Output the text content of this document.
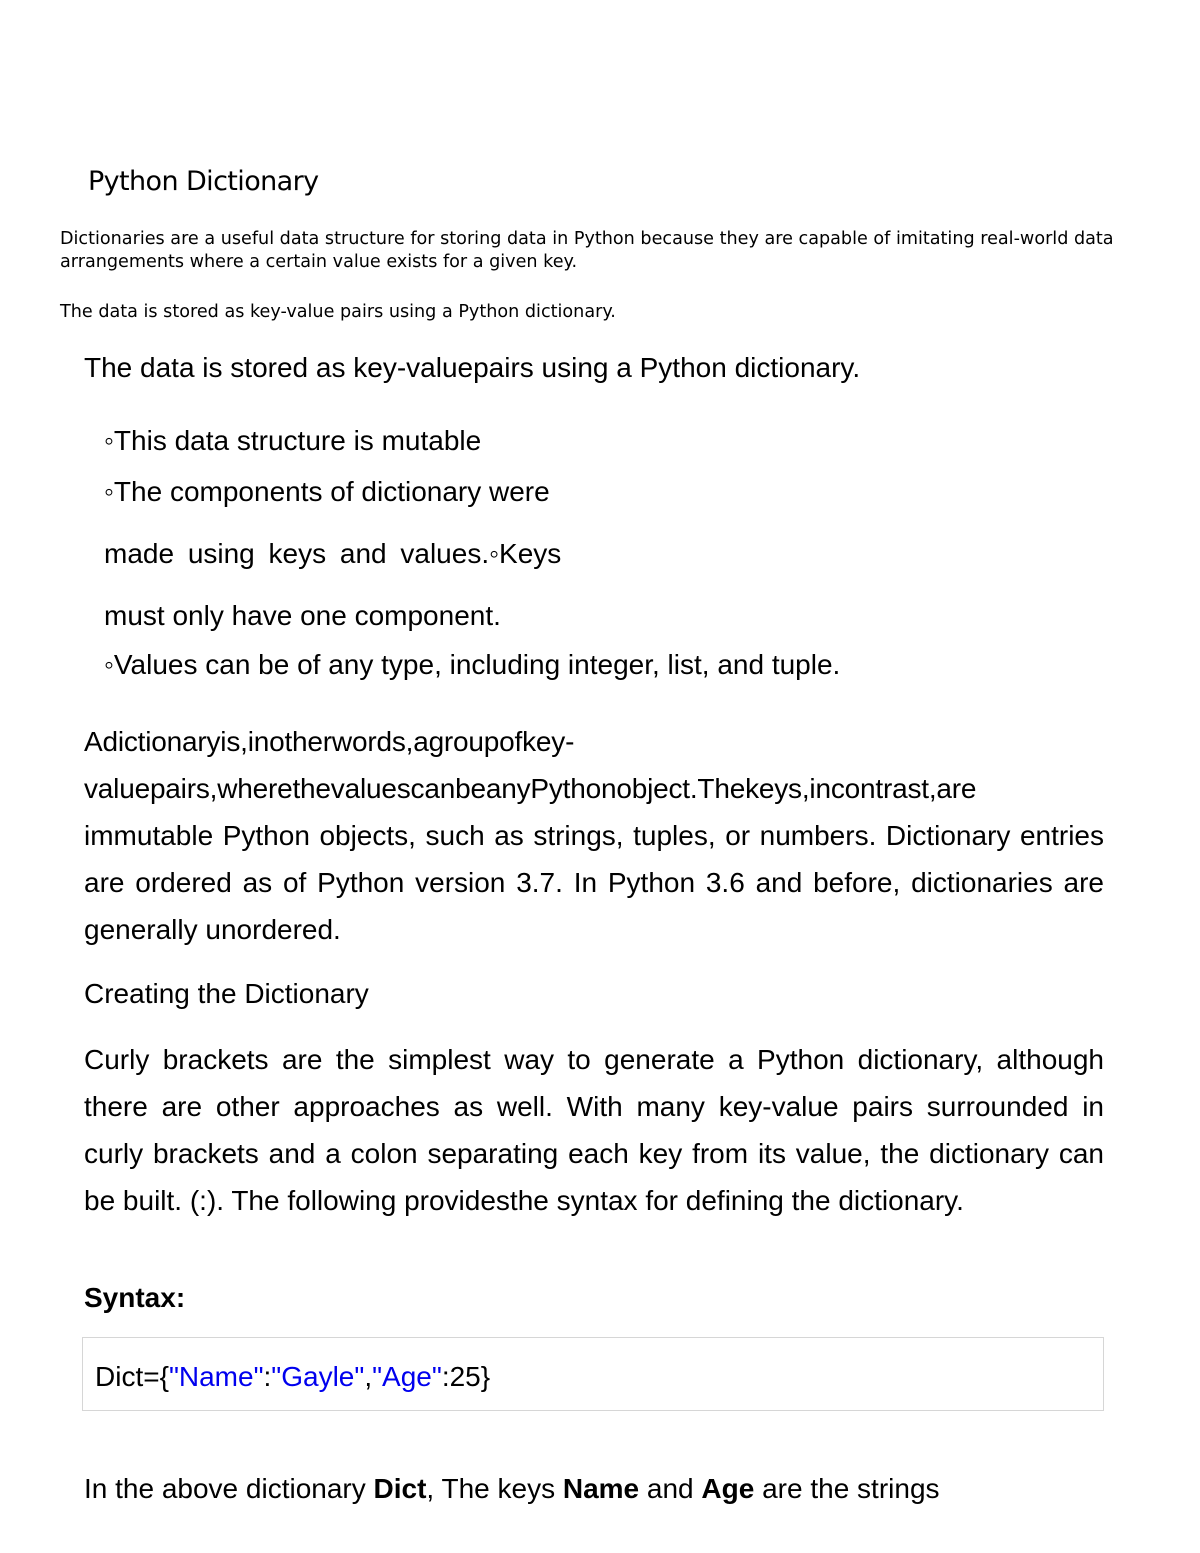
Python Dictionary

Dictionaries are a useful data structure for storing data in Python because they are capable of imitating real-world data arrangements where a certain value exists for a given key.

The data is stored as key-value pairs using a Python dictionary.

The data is stored as key-valuepairs using a Python dictionary.

◦This data structure is mutable

◦The components of dictionary were

made using keys and values.◦Keys

must only have one component.

◦Values can be of any type, including integer, list, and tuple.

Adictionaryis,inotherwords,agroupofkey-
valuepairs,wherethevaluescanbeanyPythonobject.Thekeys,incontrast,are
immutable Python objects, such as strings, tuples, or numbers. Dictionary entries are ordered as of Python version 3.7. In Python 3.6 and before, dictionaries are generally unordered.

Creating the Dictionary

Curly brackets are the simplest way to generate a Python dictionary, although there are other approaches as well. With many key-value pairs surrounded in curly brackets and a colon separating each key from its value, the dictionary can be built. (:). The following providesthe syntax for defining the dictionary.

Syntax:

Dict={"Name":"Gayle","Age":25}

In the above dictionary Dict, The keys Name and Age are the strings
